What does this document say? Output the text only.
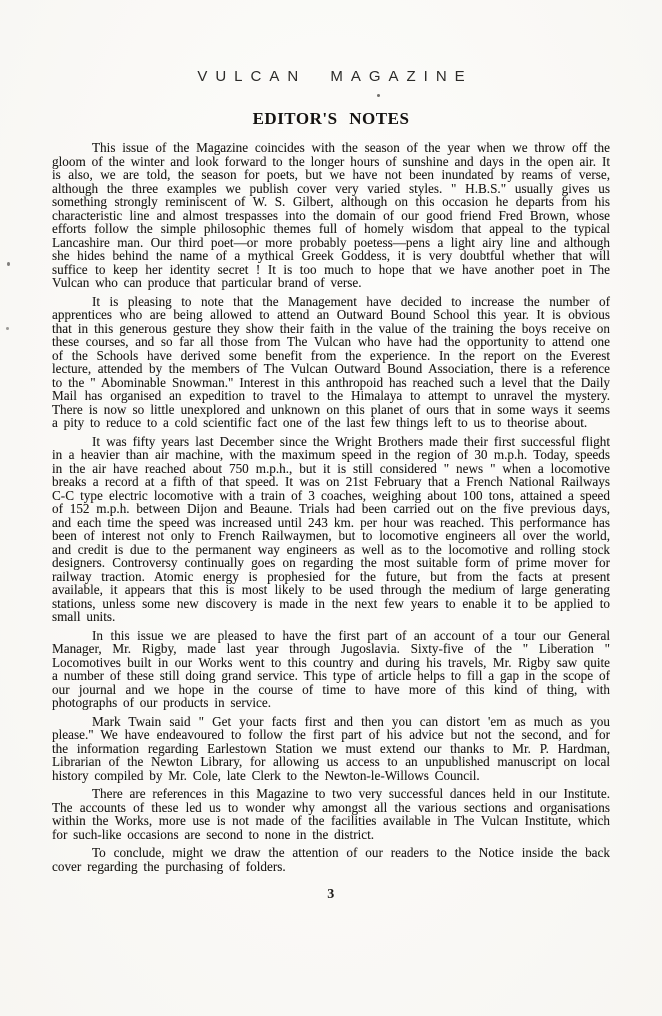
VULCAN MAGAZINE
EDITOR'S NOTES

This issue of the Magazine coincides with the season of the year when we throw off the gloom of the winter and look forward to the longer hours of sunshine and days in the open air. It is also, we are told, the season for poets, but we have not been inundated by reams of verse, although the three examples we publish cover very varied styles. " H.B.S." usually gives us something strongly reminiscent of W. S. Gilbert, although on this occasion he departs from his characteristic line and almost trespasses into the domain of our good friend Fred Brown, whose efforts follow the simple philosophic themes full of homely wisdom that appeal to the typical Lancashire man. Our third poet—or more probably poetess—pens a light airy line and although she hides behind the name of a mythical Greek Goddess, it is very doubtful whether that will suffice to keep her identity secret ! It is too much to hope that we have another poet in The Vulcan who can produce that particular brand of verse.

It is pleasing to note that the Management have decided to increase the number of apprentices who are being allowed to attend an Outward Bound School this year. It is obvious that in this generous gesture they show their faith in the value of the training the boys receive on these courses, and so far all those from The Vulcan who have had the opportunity to attend one of the Schools have derived some benefit from the experience. In the report on the Everest lecture, attended by the members of The Vulcan Outward Bound Association, there is a reference to the " Abominable Snowman." Interest in this anthropoid has reached such a level that the Daily Mail has organised an expedition to travel to the Himalaya to attempt to unravel the mystery. There is now so little unexplored and unknown on this planet of ours that in some ways it seems a pity to reduce to a cold scientific fact one of the last few things left to us to theorise about.

It was fifty years last December since the Wright Brothers made their first successful flight in a heavier than air machine, with the maximum speed in the region of 30 m.p.h. Today, speeds in the air have reached about 750 m.p.h., but it is still considered " news " when a locomotive breaks a record at a fifth of that speed. It was on 21st February that a French National Railways C-C type electric locomotive with a train of 3 coaches, weighing about 100 tons, attained a speed of 152 m.p.h. between Dijon and Beaune. Trials had been carried out on the five previous days, and each time the speed was increased until 243 km. per hour was reached. This performance has been of interest not only to French Railwaymen, but to locomotive engineers all over the world, and credit is due to the permanent way engineers as well as to the locomotive and rolling stock designers. Controversy continually goes on regarding the most suitable form of prime mover for railway traction. Atomic energy is prophesied for the future, but from the facts at present available, it appears that this is most likely to be used through the medium of large generating stations, unless some new discovery is made in the next few years to enable it to be applied to small units.

In this issue we are pleased to have the first part of an account of a tour our General Manager, Mr. Rigby, made last year through Jugoslavia. Sixty-five of the " Liberation " Locomotives built in our Works went to this country and during his travels, Mr. Rigby saw quite a number of these still doing grand service. This type of article helps to fill a gap in the scope of our journal and we hope in the course of time to have more of this kind of thing, with photographs of our products in service.

Mark Twain said " Get your facts first and then you can distort 'em as much as you please." We have endeavoured to follow the first part of his advice but not the second, and for the information regarding Earlestown Station we must extend our thanks to Mr. P. Hardman, Librarian of the Newton Library, for allowing us access to an unpublished manuscript on local history compiled by Mr. Cole, late Clerk to the Newton-le-Willows Council.

There are references in this Magazine to two very successful dances held in our Institute. The accounts of these led us to wonder why amongst all the various sections and organisations within the Works, more use is not made of the facilities available in The Vulcan Institute, which for such-like occasions are second to none in the district.

To conclude, might we draw the attention of our readers to the Notice inside the back cover regarding the purchasing of folders.

3
